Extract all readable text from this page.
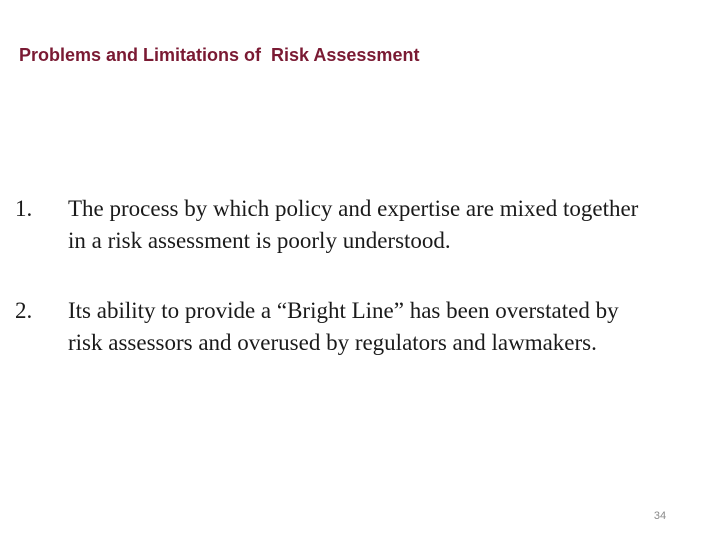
Problems and Limitations of  Risk Assessment
1.	The process by which policy and expertise are mixed together in a risk assessment is poorly understood.
2.	Its ability to provide a “Bright Line” has been overstated by risk assessors and overused by regulators and lawmakers.
34
